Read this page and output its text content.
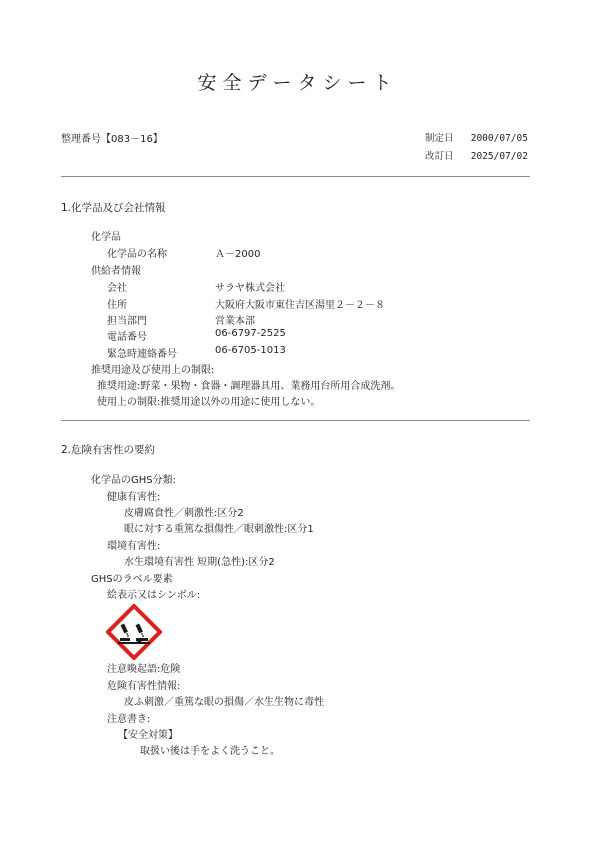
安全データシート
整理番号【083－16】	制定日 2000/07/05
改訂日 2025/07/02
1.化学品及び会社情報
化学品
化学品の名称	Ａ－2000
供給者情報
会社	サラヤ株式会社
住所	大阪府大阪市東住吉区湯里２－２－８
担当部門	営業本部
電話番号	06-6797-2525
緊急時連絡番号	06-6705-1013
推奨用途及び使用上の制限:
推奨用途:野菜・果物・食器・調理器具用、業務用台所用合成洗剤。
使用上の制限:推奨用途以外の用途に使用しない。
2.危険有害性の要約
化学品のGHS分類:
健康有害性:
皮膚腐食性／刺激性:区分2
眼に対する重篤な損傷性／眼刺激性:区分1
環境有害性:
水生環境有害性 短期(急性):区分2
GHSのラベル要素
絵表示又はシンボル:
注意喚起語:危険
危険有害性情報:
皮ふ刺激／重篤な眼の損傷／水生生物に毒性
注意書き:
【安全対策】
取扱い後は手をよく洗うこと。
